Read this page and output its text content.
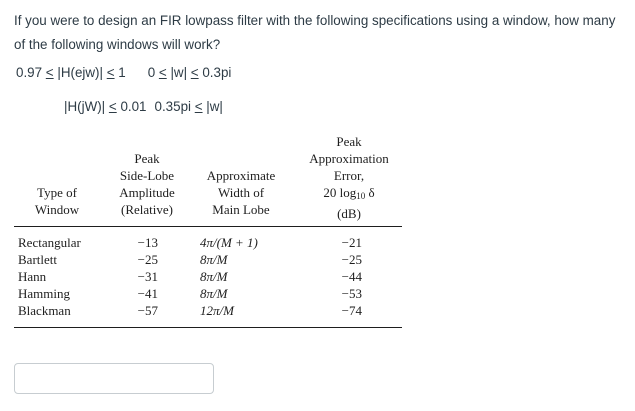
If you were to design an FIR lowpass filter with the following specifications using a window, how many of the following windows will work?
0.97 < |H(ejw)| < 1 0 < |w| < 0.3pi
|H(jW)| < 0.01 0.35pi < |w|
Type of
Window
Peak
Side-Lobe
Amplitude
(Relative)
Approximate
Width of
Main Lobe
Peak
Approximation
Error,
20 $\log_{10} \delta$
(dB)
Rectangular
Bartlett
Hann
Hamming
Blackman
−13
−25
−31
−41
−57
4π/(M + 1)
8π/M
8π/M
8π/M
12π/M
−21
−25
−44
−53
−74
